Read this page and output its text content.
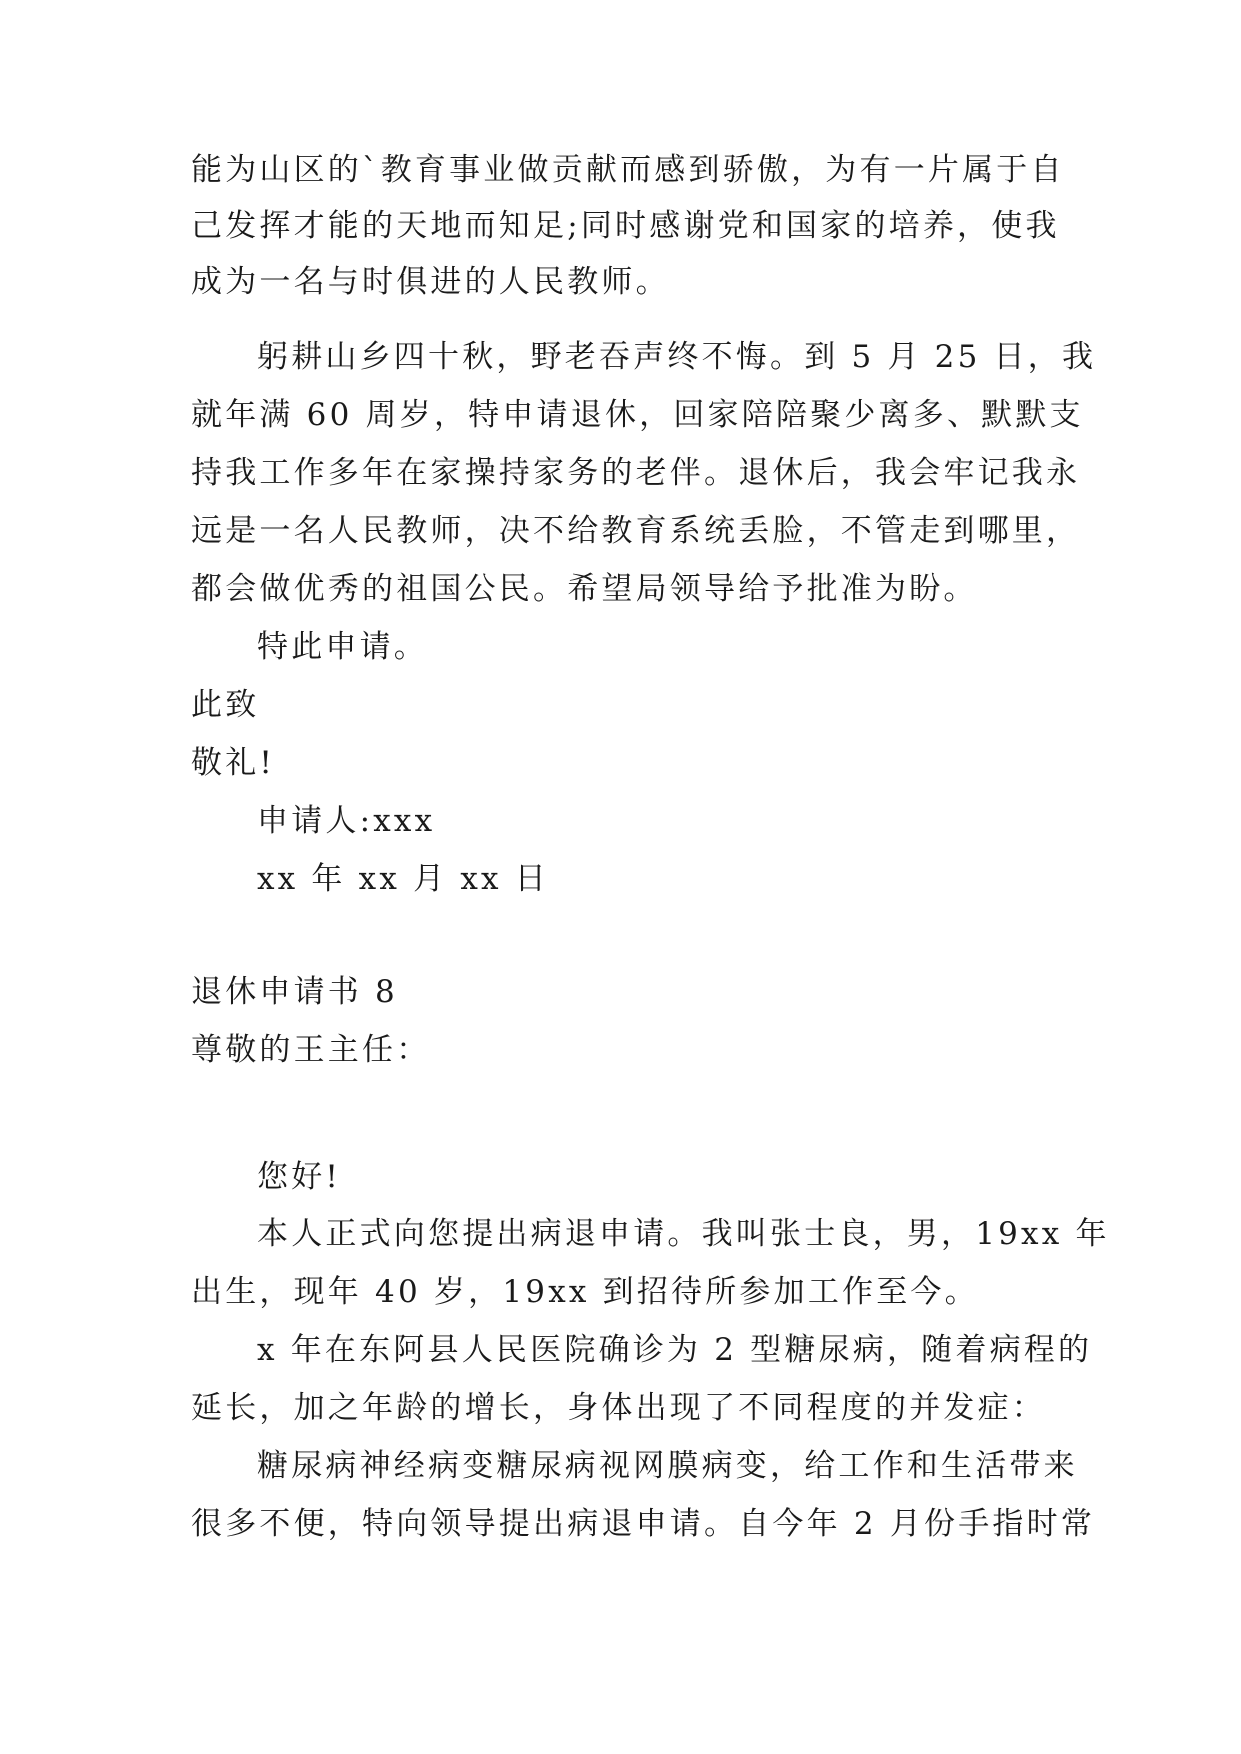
能为山区的`教育事业做贡献而感到骄傲，为有一片属于自
己发挥才能的天地而知足;同时感谢党和国家的培养，使我
成为一名与时俱进的人民教师。
躬耕山乡四十秋，野老吞声终不悔。到 5 月 25 日，我
就年满 60 周岁，特申请退休，回家陪陪聚少离多、默默支
持我工作多年在家操持家务的老伴。退休后，我会牢记我永
远是一名人民教师，决不给教育系统丢脸，不管走到哪里，
都会做优秀的祖国公民。希望局领导给予批准为盼。
特此申请。
此致
敬礼!
申请人:xxx
xx 年 xx 月 xx 日
退休申请书 8
尊敬的王主任：
您好!
本人正式向您提出病退申请。我叫张士良，男，19xx 年
出生，现年 40 岁，19xx 到招待所参加工作至今。
x 年在东阿县人民医院确诊为 2 型糖尿病，随着病程的
延长，加之年龄的增长，身体出现了不同程度的并发症：
糖尿病神经病变糖尿病视网膜病变，给工作和生活带来
很多不便，特向领导提出病退申请。自今年 2 月份手指时常
